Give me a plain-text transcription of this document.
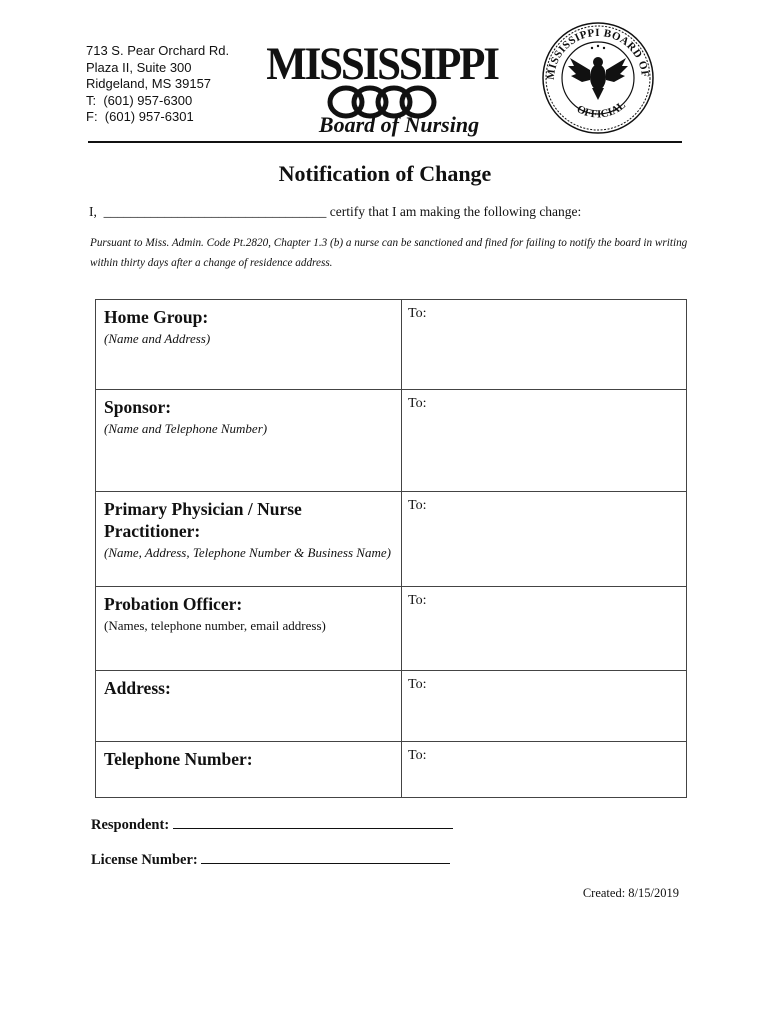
713 S. Pear Orchard Rd.
Plaza II, Suite 300
Ridgeland, MS 39157
T:  (601) 957-6300
F:  (601) 957-6301
MISSISSIPPI
Board of Nursing
MISSISSIPPI BOARD OF
OFFICIAL
Notification of Change
I,  _________________________________ certify that I am making the following change:
Pursuant to Miss. Admin. Code Pt.2820, Chapter 1.3 (b) a nurse can be sanctioned and fined for failing to notify the board in writing within thirty days after a change of residence address.
Home Group:
(Name and Address)	To:

Sponsor:
(Name and Telephone Number)	To:

Primary Physician / Nurse Practitioner:
(Name, Address, Telephone Number & Business Name)	To:

Probation Officer:
(Names, telephone number, email address)	To:

Address:	To:

Telephone Number:	To:
Respondent:
License Number:
Created: 8/15/2019
